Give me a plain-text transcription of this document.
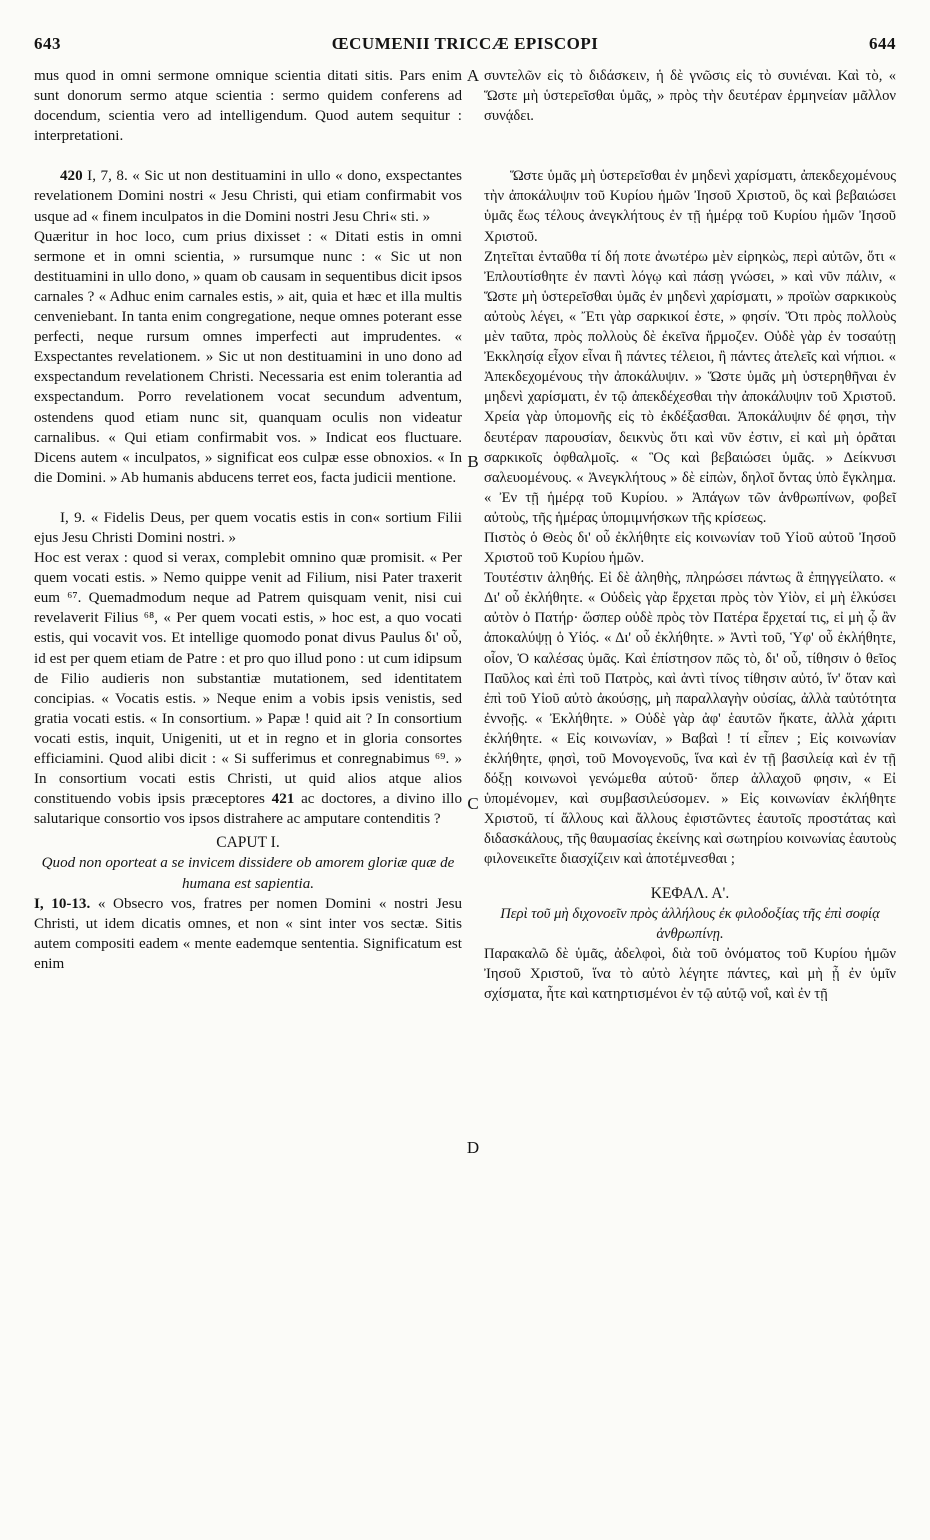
643	ŒCUMENII TRICCÆ EPISCOPI	644

mus quod in omni sermone omnique scientia ditati sitis. Pars enim sunt donorum sermo atque scientia : sermo quidem conferens ad docendum, scientia vero ad intelligendum. Quod autem sequitur : interpretationi.

420 I, 7, 8. « Sic ut non destituamini in ullo « dono, exspectantes revelationem Domini nostri « Jesu Christi, qui etiam confirmabit vos usque ad « finem inculpatos in die Domini nostri Jesu Chri« sti. »

Quæritur in hoc loco, cum prius dixisset : « Ditati estis in omni sermone et in omni scientia, » rursumque nunc : « Sic ut non destituamini in ullo dono, » quam ob causam in sequentibus dicit ipsos carnales ? « Adhuc enim carnales estis, » ait, quia et hæc et illa multis cenveniebant. In tanta enim congregatione, neque omnes poterant esse perfecti, neque rursum omnes imperfecti aut imprudentes. « Exspectantes revelationem. » Sic ut non destituamini in uno dono ad exspectandum revelationem Christi. Necessaria est enim tolerantia ad exspectandum. Porro revelationem vocat secundum adventum, ostendens quod etiam nunc sit, quanquam oculis non videatur carnalibus. « Qui etiam confirmabit vos. » Indicat eos fluctuare. Dicens autem « inculpatos, » significat eos culpæ esse obnoxios. « In die Domini. » Ab humanis abducens terret eos, facta judicii mentione.

I, 9. « Fidelis Deus, per quem vocatis estis in con« sortium Filii ejus Jesu Christi Domini nostri. »

Hoc est verax : quod si verax, complebit omnino quæ promisit. « Per quem vocati estis. » Nemo quippe venit ad Filium, nisi Pater traxerit eum ⁶⁷. Quemadmodum neque ad Patrem quisquam venit, nisi cui revelaverit Filius ⁶⁸, « Per quem vocati estis, » hoc est, a quo vocati estis, qui vocavit vos. Et intellige quomodo ponat divus Paulus δι' οὗ, id est per quem etiam de Patre : et pro quo illud pono : ut cum idipsum de Filio audieris non substantiæ mutationem, sed identitatem concipias. « Vocatis estis. » Neque enim a vobis ipsis venistis, sed gratia vocati estis. « In consortium. » Papæ ! quid ait ? In consortium vocati estis, inquit, Unigeniti, ut et in regno et in gloria consortes efficiamini. Quod alibi dicit : « Si sufferimus et conregnabimus ⁶⁹. » In consortium vocati estis Christi, ut quid alios atque alios constituendo vobis ipsis præceptores 421 ac doctores, a divino illo salutarique consortio vos ipsos distrahere ac amputare contenditis ?

CAPUT I.

Quod non oporteat a se invicem dissidere ob amorem gloriæ quæ de humana est sapientia.

I, 10-13. « Obsecro vos, fratres per nomen Domini « nostri Jesu Christi, ut idem dicatis omnes, et non « sint inter vos sectæ. Sitis autem compositi eadem « mente eademque sententia. Significatum est enim

A
B
C
D

συντελῶν εἰς τὸ διδάσκειν, ἡ δὲ γνῶσις εἰς τὸ συνιέναι. Καὶ τὸ, « Ὥστε μὴ ὑστερεῖσθαι ὑμᾶς, » πρὸς τὴν δευτέραν ἑρμηνείαν μᾶλλον συνᾴδει.

Ὥστε ὑμᾶς μὴ ὑστερεῖσθαι ἐν μηδενὶ χαρίσματι, ἀπεκδεχομένους τὴν ἀποκάλυψιν τοῦ Κυρίου ἡμῶν Ἰησοῦ Χριστοῦ, ὃς καὶ βεβαιώσει ὑμᾶς ἕως τέλους ἀνεγκλήτους ἐν τῇ ἡμέρᾳ τοῦ Κυρίου ἡμῶν Ἰησοῦ Χριστοῦ.

Ζητεῖται ἐνταῦθα τί δή ποτε ἀνωτέρω μὲν εἰρηκὼς, περὶ αὐτῶν, ὅτι « Ἐπλουτίσθητε ἐν παντὶ λόγῳ καὶ πάσῃ γνώσει, » καὶ νῦν πάλιν, « Ὥστε μὴ ὑστερεῖσθαι ὑμᾶς ἐν μηδενὶ χαρίσματι, » προϊὼν σαρκικοὺς αὐτοὺς λέγει, « Ἔτι γὰρ σαρκικοί ἐστε, » φησίν. Ὅτι πρὸς πολλοὺς μὲν ταῦτα, πρὸς πολλοὺς δὲ ἐκεῖνα ἥρμοζεν. Οὐδὲ γὰρ ἐν τοσαύτῃ Ἐκκλησίᾳ εἶχον εἶναι ἢ πάντες τέλειοι, ἢ πάντες ἀτελεῖς καὶ νήπιοι. « Ἀπεκδεχομένους τὴν ἀποκάλυψιν. » Ὥστε ὑμᾶς μὴ ὑστερηθῆναι ἐν μηδενὶ χαρίσματι, ἐν τῷ ἀπεκδέχεσθαι τὴν ἀποκάλυψιν τοῦ Χριστοῦ. Χρεία γὰρ ὑπομονῆς εἰς τὸ ἐκδέξασθαι. Ἀποκάλυψιν δέ φησι, τὴν δευτέραν παρουσίαν, δεικνὺς ὅτι καὶ νῦν ἐστιν, εἰ καὶ μὴ ὁρᾶται σαρκικοῖς ὀφθαλμοῖς. « Ὃς καὶ βεβαιώσει ὑμᾶς. » Δείκνυσι σαλευομένους. « Ἀνεγκλήτους » δὲ εἰπὼν, δηλοῖ ὄντας ὑπὸ ἔγκλημα. « Ἐν τῇ ἡμέρᾳ τοῦ Κυρίου. » Ἀπάγων τῶν ἀνθρωπίνων, φοβεῖ αὐτοὺς, τῆς ἡμέρας ὑπομιμνήσκων τῆς κρίσεως.

Πιστὸς ὁ Θεὸς δι' οὗ ἐκλήθητε εἰς κοινωνίαν τοῦ Υἱοῦ αὐτοῦ Ἰησοῦ Χριστοῦ τοῦ Κυρίου ἡμῶν.

Τουτέστιν ἀληθής. Εἰ δὲ ἀληθὴς, πληρώσει πάντως ἃ ἐπηγγείλατο. « Δι' οὗ ἐκλήθητε. « Οὐδεὶς γὰρ ἔρχεται πρὸς τὸν Υἱὸν, εἰ μὴ ἑλκύσει αὐτὸν ὁ Πατήρ· ὥσπερ οὐδὲ πρὸς τὸν Πατέρα ἔρχεταί τις, εἰ μὴ ᾧ ἂν ἀποκαλύψῃ ὁ Υἱός. « Δι' οὗ ἐκλήθητε. » Ἀντὶ τοῦ, Ὑφ' οὗ ἐκλήθητε, οἷον, Ὁ καλέσας ὑμᾶς. Καὶ ἐπίστησον πῶς τὸ, δι' οὗ, τίθησιν ὁ θεῖος Παῦλος καὶ ἐπὶ τοῦ Πατρὸς, καὶ ἀντὶ τίνος τίθησιν αὐτό, ἵν' ὅταν καὶ ἐπὶ τοῦ Υἱοῦ αὐτὸ ἀκούσῃς, μὴ παραλλαγὴν οὐσίας, ἀλλὰ ταὐτότητα ἐννοῇς. « Ἐκλήθητε. » Οὐδὲ γὰρ ἀφ' ἑαυτῶν ἥκατε, ἀλλὰ χάριτι ἐκλήθητε. « Εἰς κοινωνίαν, » Βαβαὶ ! τί εἶπεν ; Εἰς κοινωνίαν ἐκλήθητε, φησὶ, τοῦ Μονογενοῦς, ἵνα καὶ ἐν τῇ βασιλείᾳ καὶ ἐν τῇ δόξῃ κοινωνοὶ γενώμεθα αὐτοῦ· ὅπερ ἀλλαχοῦ φησιν, « Εἰ ὑπομένομεν, καὶ συμβασιλεύσομεν. » Εἰς κοινωνίαν ἐκλήθητε Χριστοῦ, τί ἄλλους καὶ ἄλλους ἐφιστῶντες ἑαυτοῖς προστάτας καὶ διδασκάλους, τῆς θαυμασίας ἐκείνης καὶ σωτηρίου κοινωνίας ἑαυτοὺς φιλονεικεῖτε διασχίζειν καὶ ἀποτέμνεσθαι ;

ΚΕΦΑΛ. Α'.

Περὶ τοῦ μὴ διχονοεῖν πρὸς ἀλλήλους ἐκ φιλοδοξίας τῆς ἐπὶ σοφίᾳ ἀνθρωπίνῃ.

Παρακαλῶ δὲ ὑμᾶς, ἀδελφοὶ, διὰ τοῦ ὀνόματος τοῦ Κυρίου ἡμῶν Ἰησοῦ Χριστοῦ, ἵνα τὸ αὐτὸ λέγητε πάντες, καὶ μὴ ᾖ ἐν ὑμῖν σχίσματα, ἦτε καὶ κατηρτισμένοι ἐν τῷ αὐτῷ νοΐ, καὶ ἐν τῇ
